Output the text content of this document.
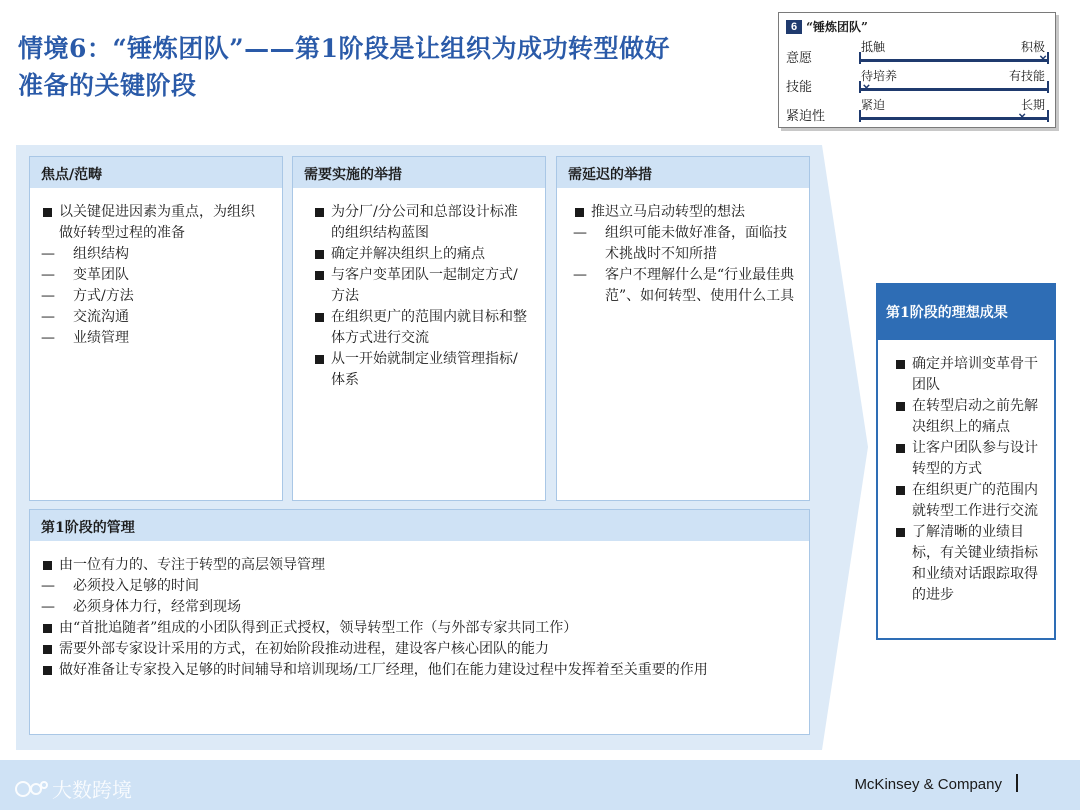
情境6：“锤炼团队”——第1阶段是让组织为成功转型做好
准备的关键阶段
6 “锤炼团队”
意愿
抵触	积极
×
技能
待培养	有技能
×
紧迫性
紧迫	长期
×
焦点/范畴
以关键促进因素为重点，为组织做好转型过程的准备
— 组织结构
— 变革团队
— 方式/方法
— 交流沟通
— 业绩管理
需要实施的举措
为分厂/分公司和总部设计标准的组织结构蓝图
确定并解决组织上的痛点
与客户变革团队一起制定方式/方法
在组织更广的范围内就目标和整体方式进行交流
从一开始就制定业绩管理指标/体系
需延迟的举措
推迟立马启动转型的想法
— 组织可能未做好准备，面临技术挑战时不知所措
— 客户不理解什么是“行业最佳典范”、如何转型、使用什么工具
第1阶段的管理
由一位有力的、专注于转型的高层领导管理
— 必须投入足够的时间
— 必须身体力行，经常到现场
由“首批追随者”组成的小团队得到正式授权，领导转型工作（与外部专家共同工作）
需要外部专家设计采用的方式，在初始阶段推动进程，建设客户核心团队的能力
做好准备让专家投入足够的时间辅导和培训现场/工厂经理，他们在能力建设过程中发挥着至关重要的作用
第1阶段的理想成果
确定并培训变革骨干团队
在转型启动之前先解决组织上的痛点
让客户团队参与设计转型的方式
在组织更广的范围内就转型工作进行交流
了解清晰的业绩目标，有关键业绩指标和业绩对话跟踪取得的进步
大数跨境	McKinsey & Company
